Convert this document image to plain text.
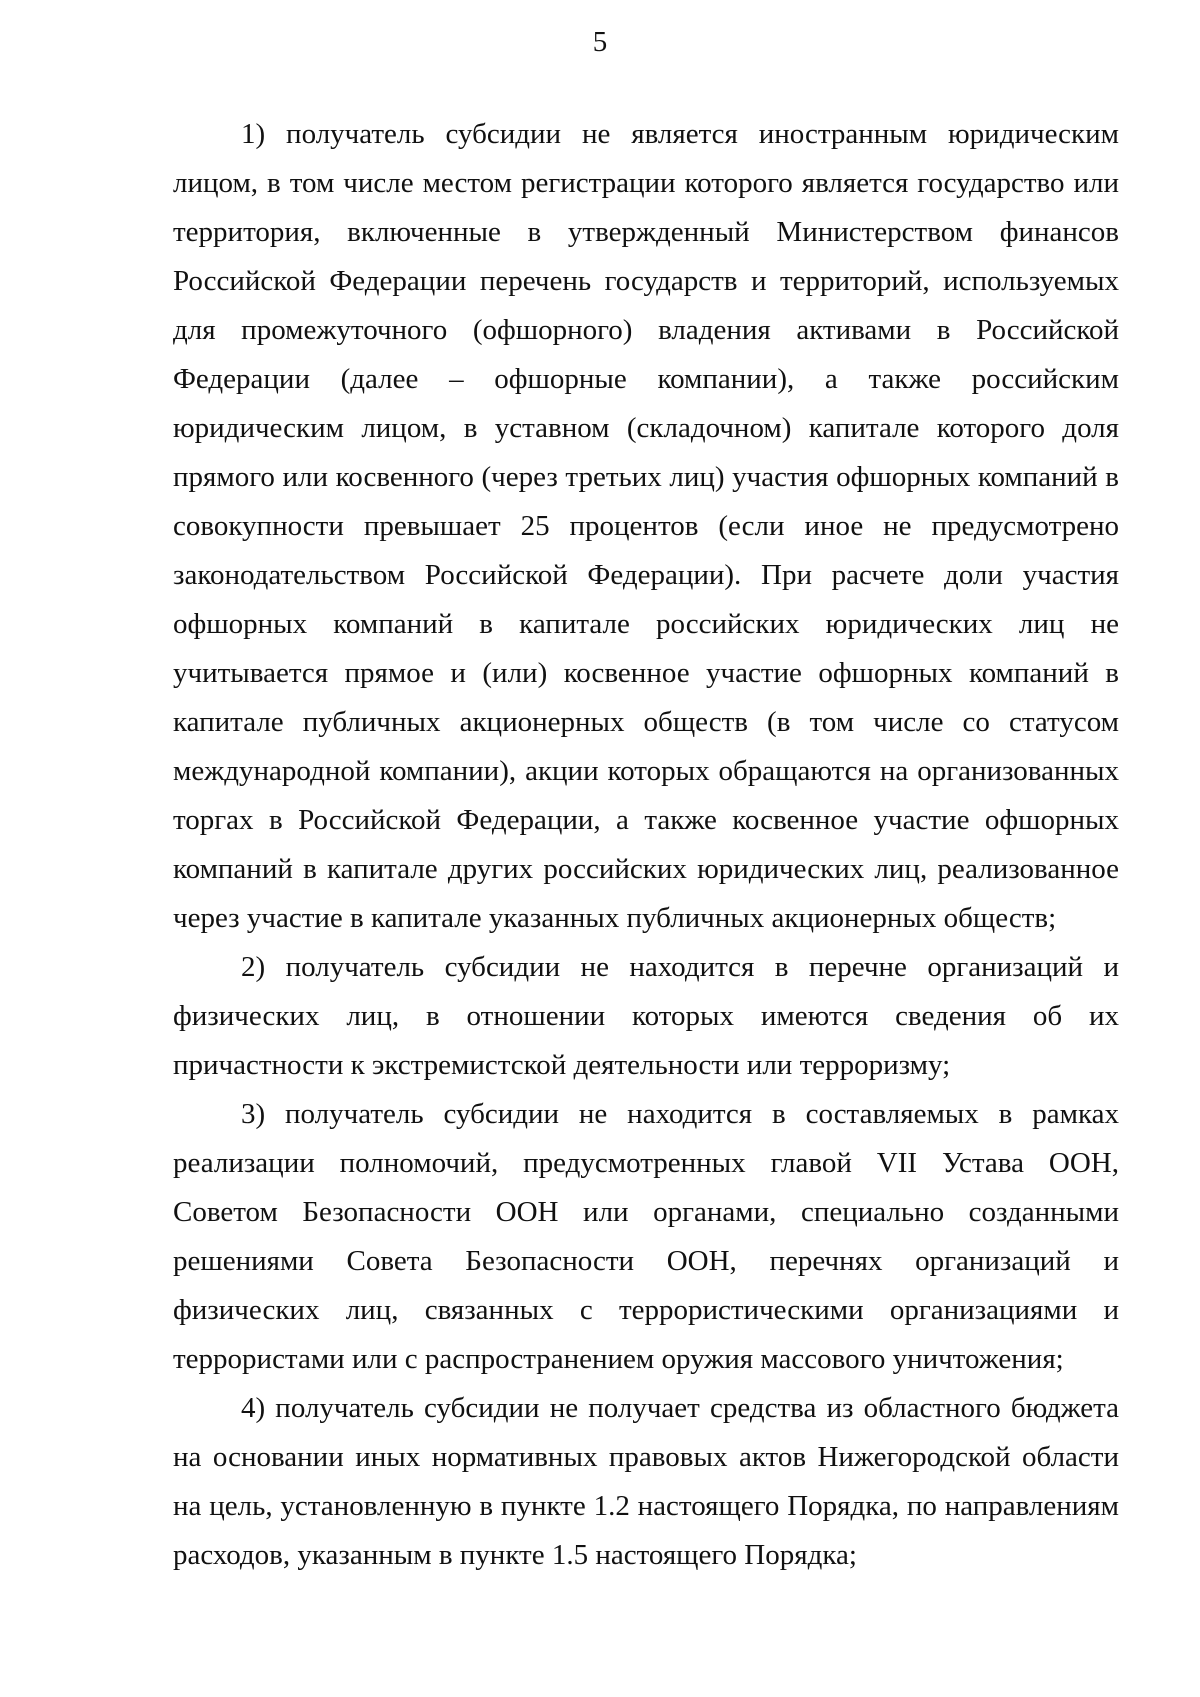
5

1) получатель субсидии не является иностранным юридическим лицом, в том числе местом регистрации которого является государство или территория, включенные в утвержденный Министерством финансов Российской Федерации перечень государств и территорий, используемых для промежуточного (офшорного) владения активами в Российской Федерации (далее – офшорные компании), а также российским юридическим лицом, в уставном (складочном) капитале которого доля прямого или косвенного (через третьих лиц) участия офшорных компаний в совокупности превышает 25 процентов (если иное не предусмотрено законодательством Российской Федерации). При расчете доли участия офшорных компаний в капитале российских юридических лиц не учитывается прямое и (или) косвенное участие офшорных компаний в капитале публичных акционерных обществ (в том числе со статусом международной компании), акции которых обращаются на организованных торгах в Российской Федерации, а также косвенное участие офшорных компаний в капитале других российских юридических лиц, реализованное через участие в капитале указанных публичных акционерных обществ;

2) получатель субсидии не находится в перечне организаций и физических лиц, в отношении которых имеются сведения об их причастности к экстремистской деятельности или терроризму;

3) получатель субсидии не находится в составляемых в рамках реализации полномочий, предусмотренных главой VII Устава ООН, Советом Безопасности ООН или органами, специально созданными решениями Совета Безопасности ООН, перечнях организаций и физических лиц, связанных с террористическими организациями и террористами или с распространением оружия массового уничтожения;

4) получатель субсидии не получает средства из областного бюджета на основании иных нормативных правовых актов Нижегородской области на цель, установленную в пункте 1.2 настоящего Порядка, по направлениям расходов, указанным в пункте 1.5 настоящего Порядка;
